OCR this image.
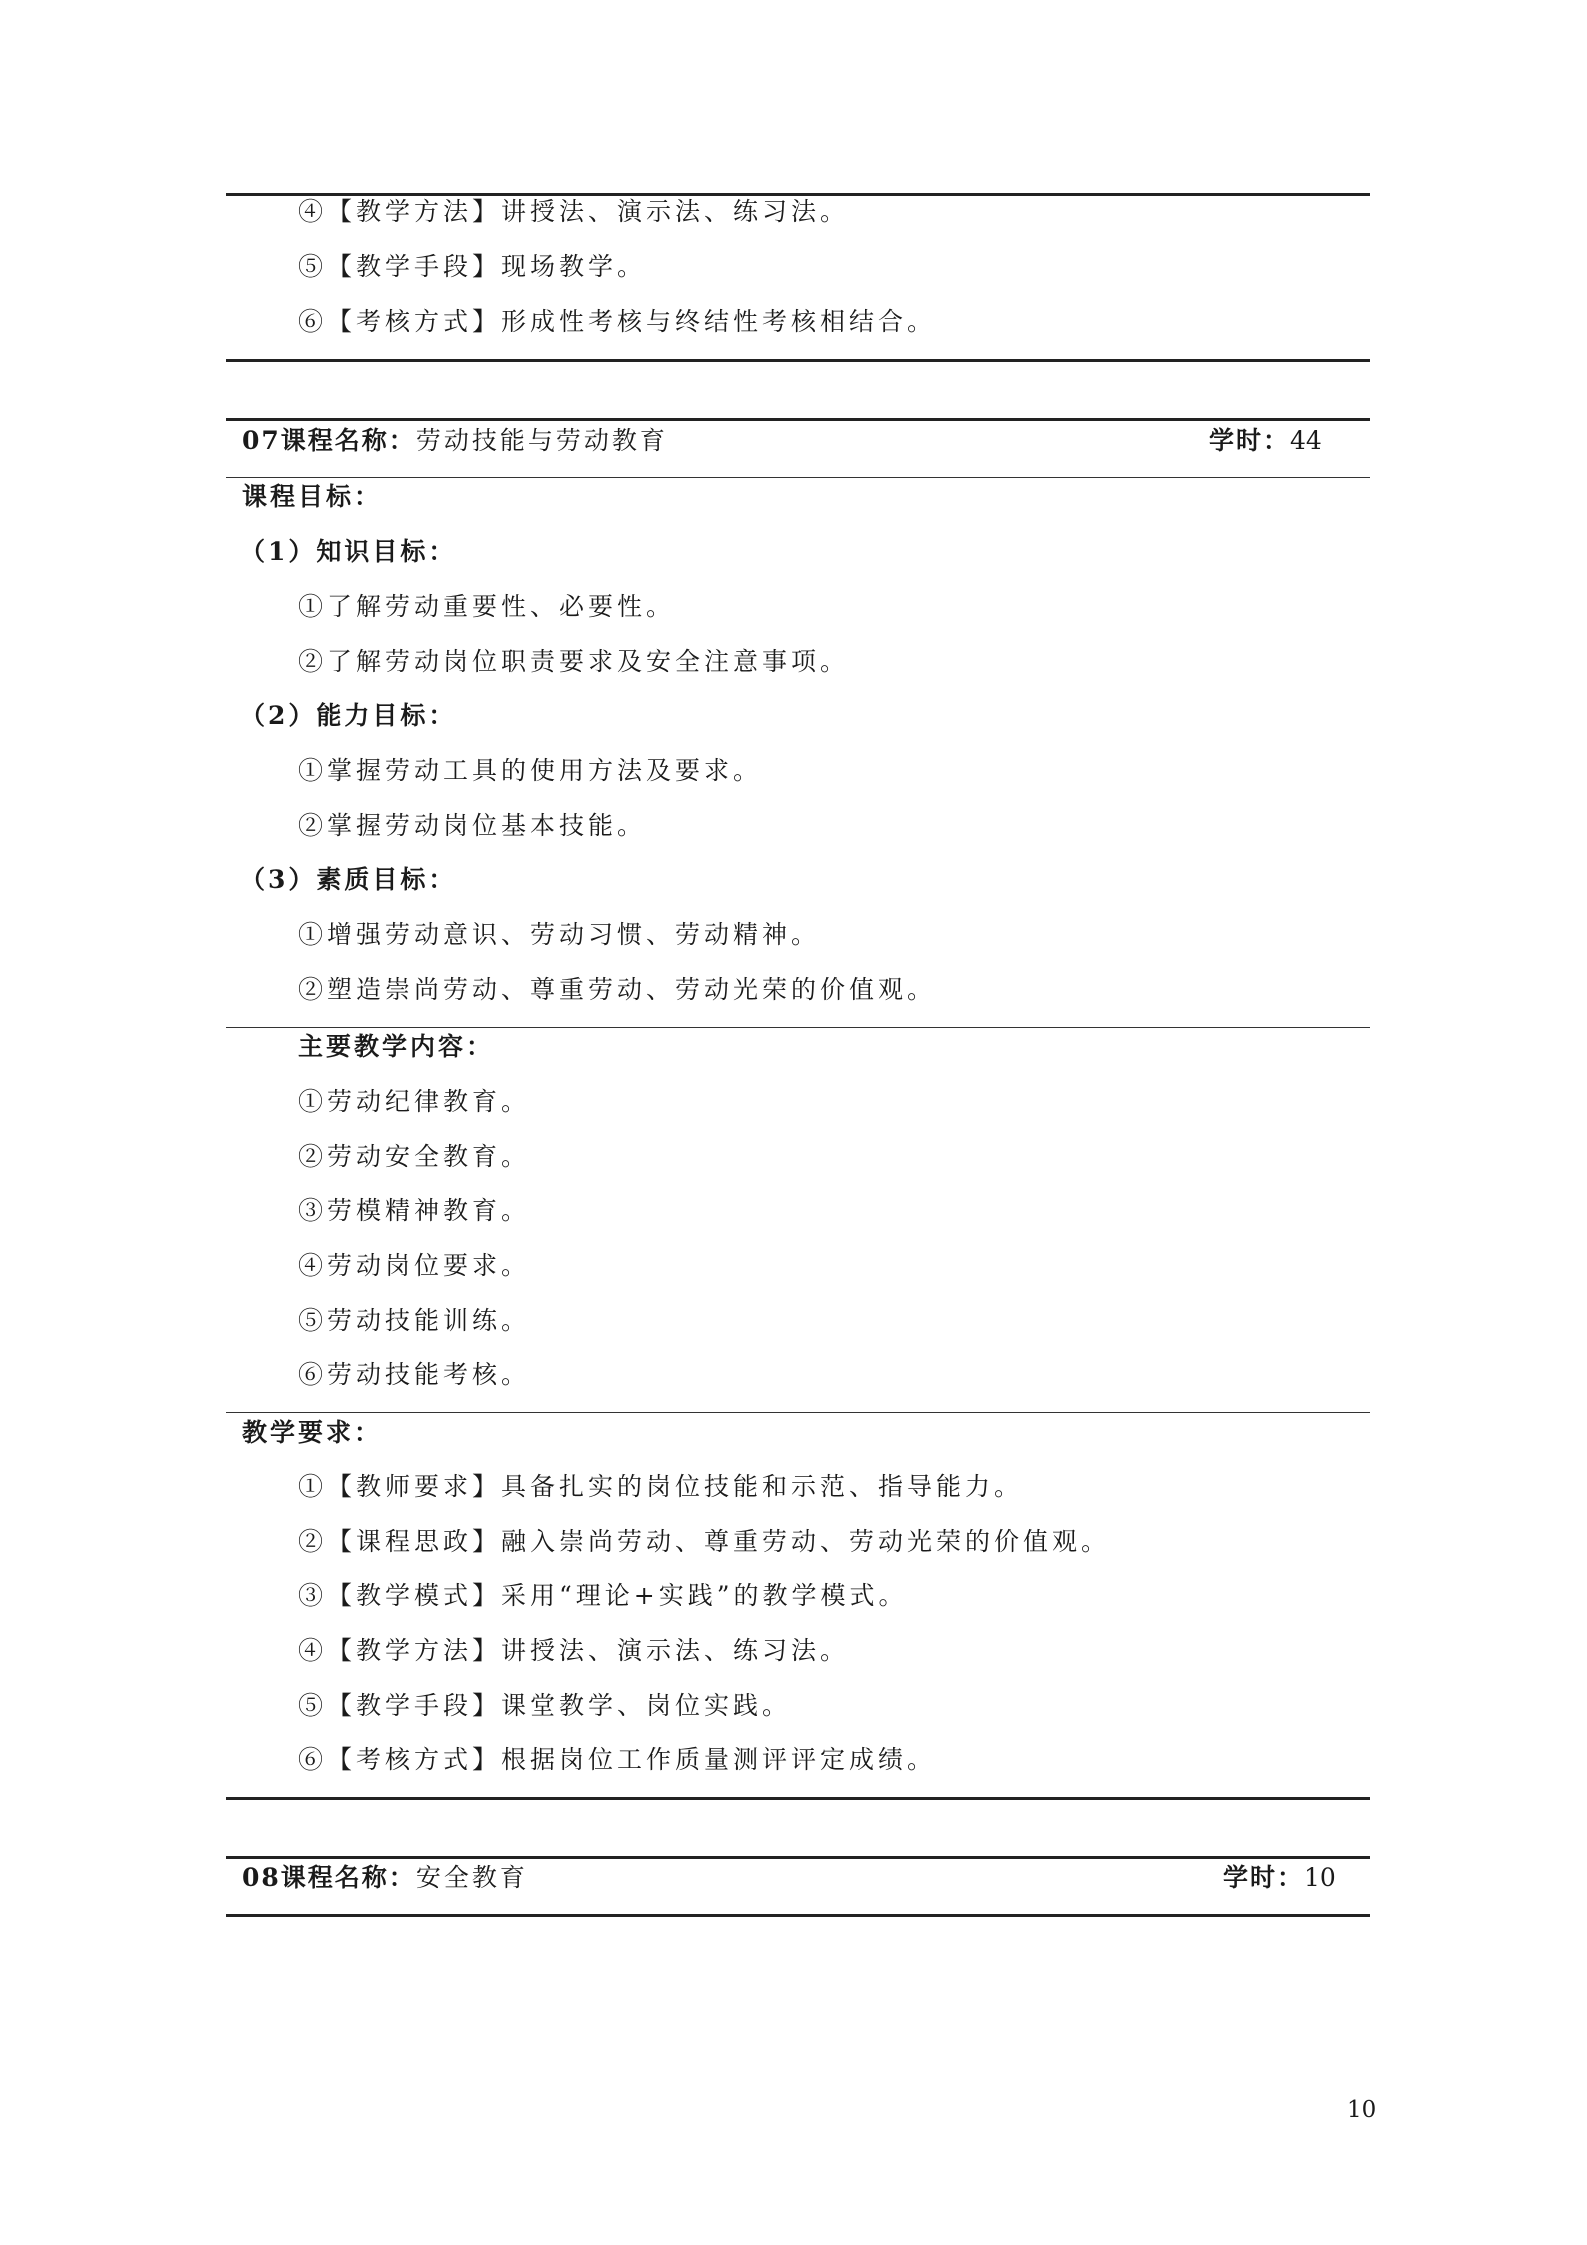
④【教学方法】讲授法、演示法、练习法。
⑤【教学手段】现场教学。
⑥【考核方式】形成性考核与终结性考核相结合。
07课程名称：劳动技能与劳动教育	学时：44
课程目标：
（1）知识目标：
①了解劳动重要性、必要性。
②了解劳动岗位职责要求及安全注意事项。
（2）能力目标：
①掌握劳动工具的使用方法及要求。
②掌握劳动岗位基本技能。
（3）素质目标：
①增强劳动意识、劳动习惯、劳动精神。
②塑造崇尚劳动、尊重劳动、劳动光荣的价值观。
主要教学内容：
①劳动纪律教育。
②劳动安全教育。
③劳模精神教育。
④劳动岗位要求。
⑤劳动技能训练。
⑥劳动技能考核。
教学要求：
①【教师要求】具备扎实的岗位技能和示范、指导能力。
②【课程思政】融入崇尚劳动、尊重劳动、劳动光荣的价值观。
③【教学模式】采用“理论+实践”的教学模式。
④【教学方法】讲授法、演示法、练习法。
⑤【教学手段】课堂教学、岗位实践。
⑥【考核方式】根据岗位工作质量测评评定成绩。
08课程名称：安全教育	学时：10
10
